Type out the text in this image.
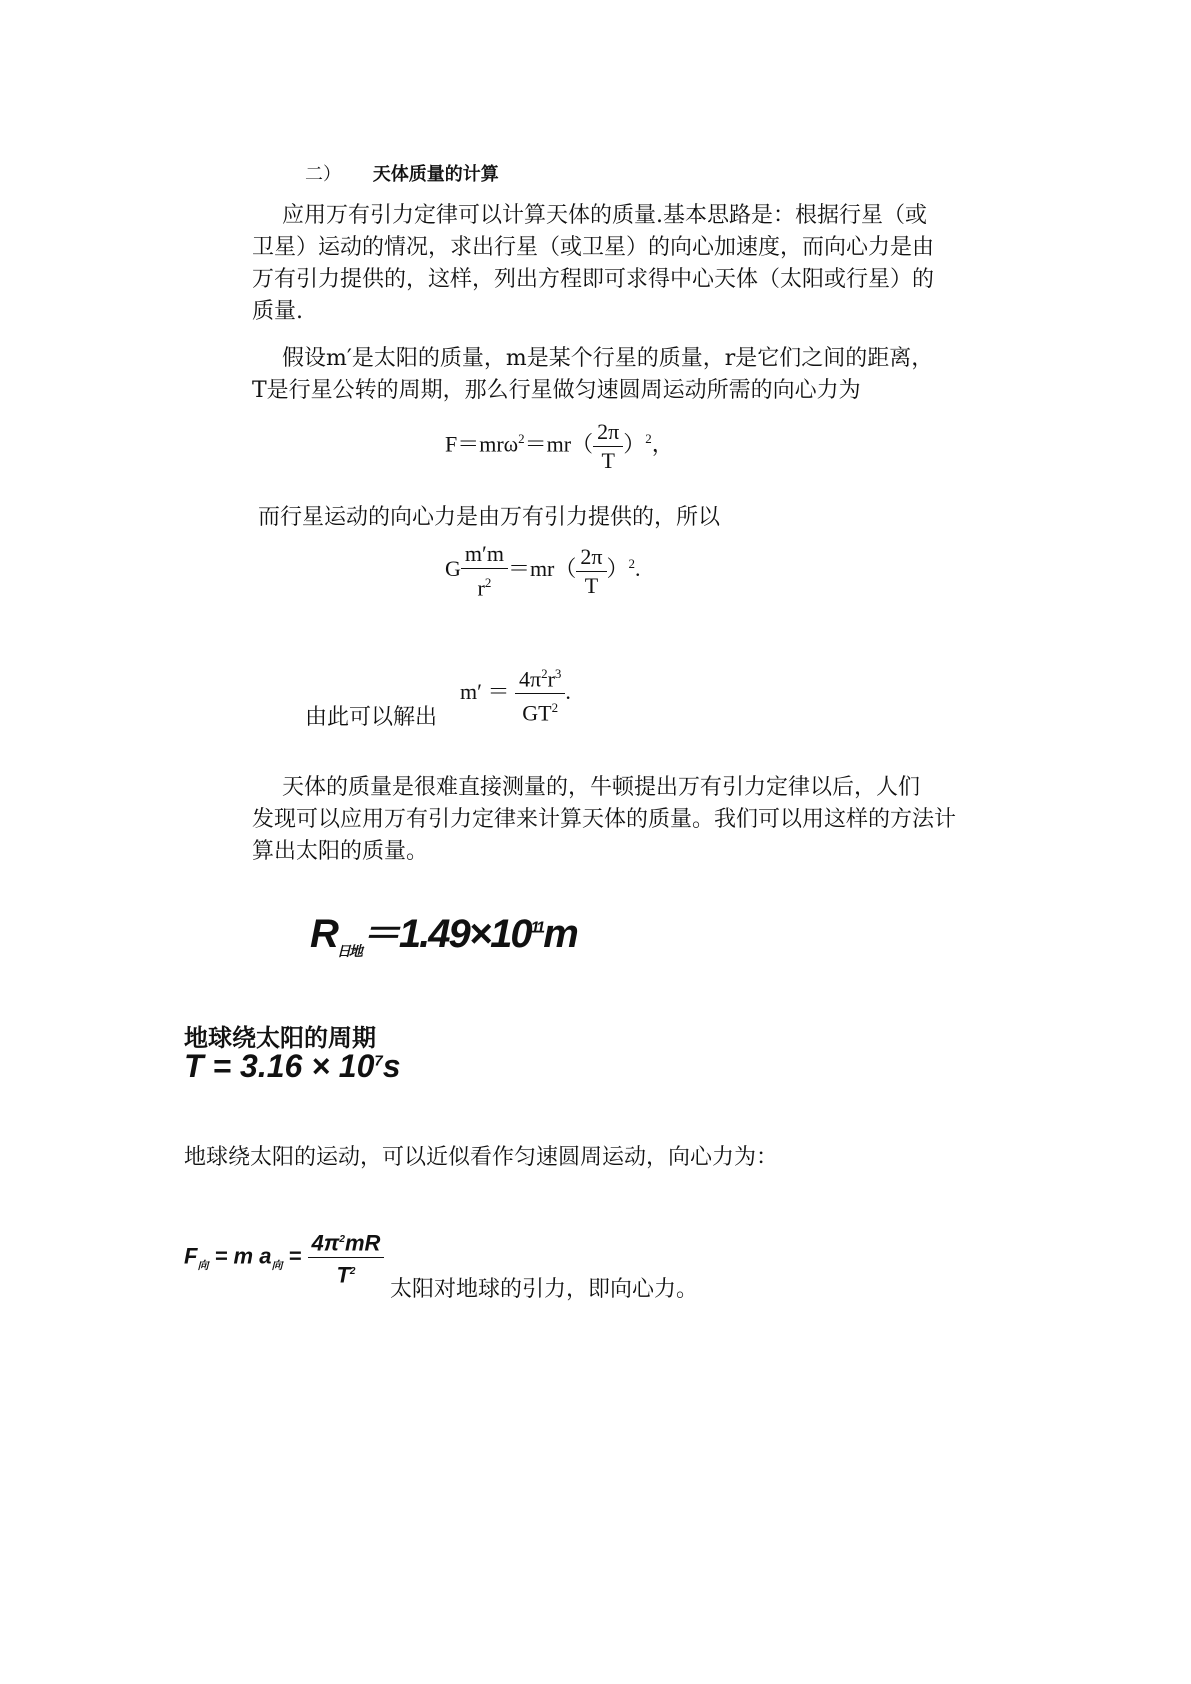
二） 天体质量的计算
应用万有引力定律可以计算天体的质量.基本思路是：根据行星（或
卫星）运动的情况，求出行星（或卫星）的向心加速度，而向心力是由
万有引力提供的，这样，列出方程即可求得中心天体（太阳或行星）的
质量.
假设m′是太阳的质量，m是某个行星的质量，r是它们之间的距离，
T是行星公转的周期，那么行星做匀速圆周运动所需的向心力为
$F=mr\omega^2=mr( \frac{2\pi}{T} )^2$，
而行星运动的向心力是由万有引力提供的，所以
G $\frac{m'm}{r^2} =mr( \frac{2\pi}{T} )^2$.
由此可以解出
$m' = \frac{4\pi^2r^3}{GT^2}$ .
天体的质量是很难直接测量的，牛顿提出万有引力定律以后，人们
发现可以应用万有引力定律来计算天体的质量。我们可以用这样的方法计
算出太阳的质量。
$R_{日地}=1.49\times 10^{11}m$
地球绕太阳的周期
$T = 3.16 \times 10^7s$
地球绕太阳的运动，可以近似看作匀速圆周运动，向心力为：
$F_向 = m$ $a_向 = \frac{4\pi^2mR}{T^2}$ 太阳对地球的引力，即向心力。
